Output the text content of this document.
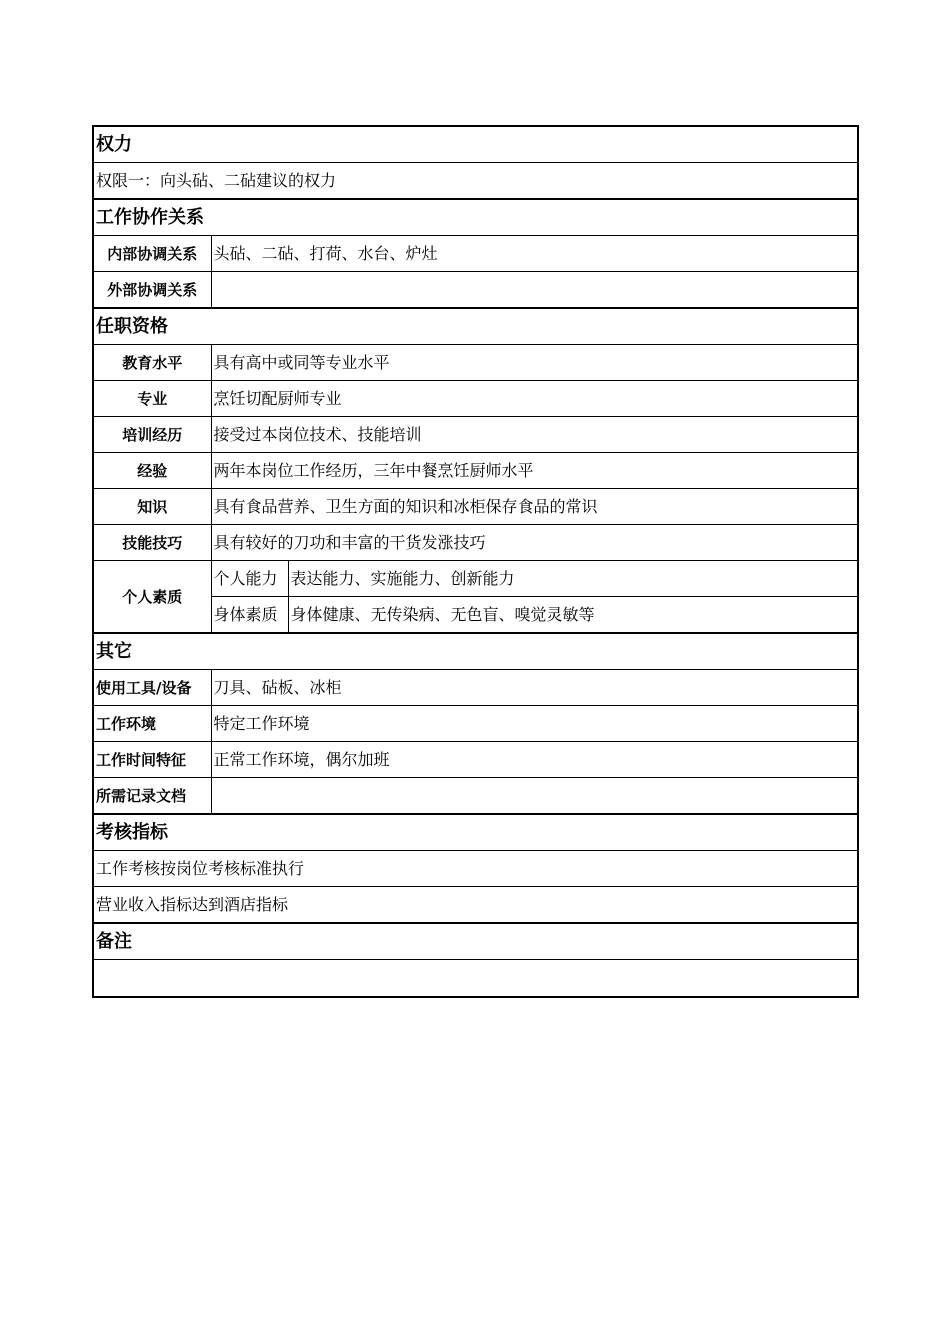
权力		
权限一：向头砧、二砧建议的权力		
工作协作关系		
内部协调关系	头砧、二砧、打荷、水台、炉灶	
外部协调关系		
任职资格		
教育水平	具有高中或同等专业水平	
专业	烹饪切配厨师专业	
培训经历	接受过本岗位技术、技能培训	
经验	两年本岗位工作经历，三年中餐烹饪厨师水平	
知识	具有食品营养、卫生方面的知识和冰柜保存食品的常识	
技能技巧	具有较好的刀功和丰富的干货发涨技巧	
个人素质	个人能力	表达能力、实施能力、创新能力
	身体素质	身体健康、无传染病、无色盲、嗅觉灵敏等
其它		
使用工具/设备	刀具、砧板、冰柜	
工作环境	特定工作环境	
工作时间特征	正常工作环境，偶尔加班	
所需记录文档		
考核指标		
工作考核按岗位考核标准执行		
营业收入指标达到酒店指标		
备注		
